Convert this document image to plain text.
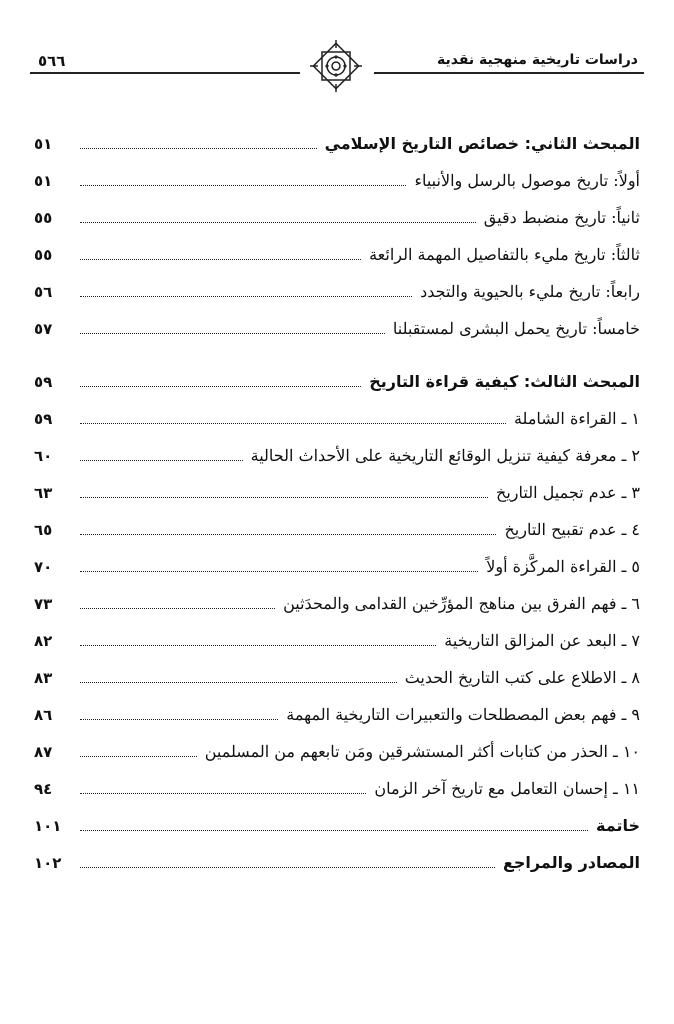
٥٦٦	دراسات تاريخية منهجية نقدية
المبحث الثاني: خصائص التاريخ الإسلامي
٥١
أولاً: تاريخ موصول بالرسل والأنبياء
٥١
ثانياً: تاريخ منضبط دقيق
٥٥
ثالثاً: تاريخ مليء بالتفاصيل المهمة الرائعة
٥٥
رابعاً: تاريخ مليء بالحيوية والتجدد
٥٦
خامساً: تاريخ يحمل البشرى لمستقبلنا
٥٧
المبحث الثالث: كيفية قراءة التاريخ
٥٩
١ ـ القراءة الشاملة
٥٩
٢ ـ معرفة كيفية تنزيل الوقائع التاريخية على الأحداث الحالية
٦٠
٣ ـ عدم تجميل التاريخ
٦٣
٤ ـ عدم تقبيح التاريخ
٦٥
٥ ـ القراءة المركَّزة أولاً
٧٠
٦ ـ فهم الفرق بين مناهج المؤرِّخين القدامى والمحدَثين
٧٣
٧ ـ البعد عن المزالق التاريخية
٨٢
٨ ـ الاطلاع على كتب التاريخ الحديث
٨٣
٩ ـ فهم بعض المصطلحات والتعبيرات التاريخية المهمة
٨٦
١٠ ـ الحذر من كتابات أكثر المستشرقين ومَن تابعهم من المسلمين
٨٧
١١ ـ إحسان التعامل مع تاريخ آخر الزمان
٩٤
خاتمة
١٠١
المصادر والمراجع
١٠٢
